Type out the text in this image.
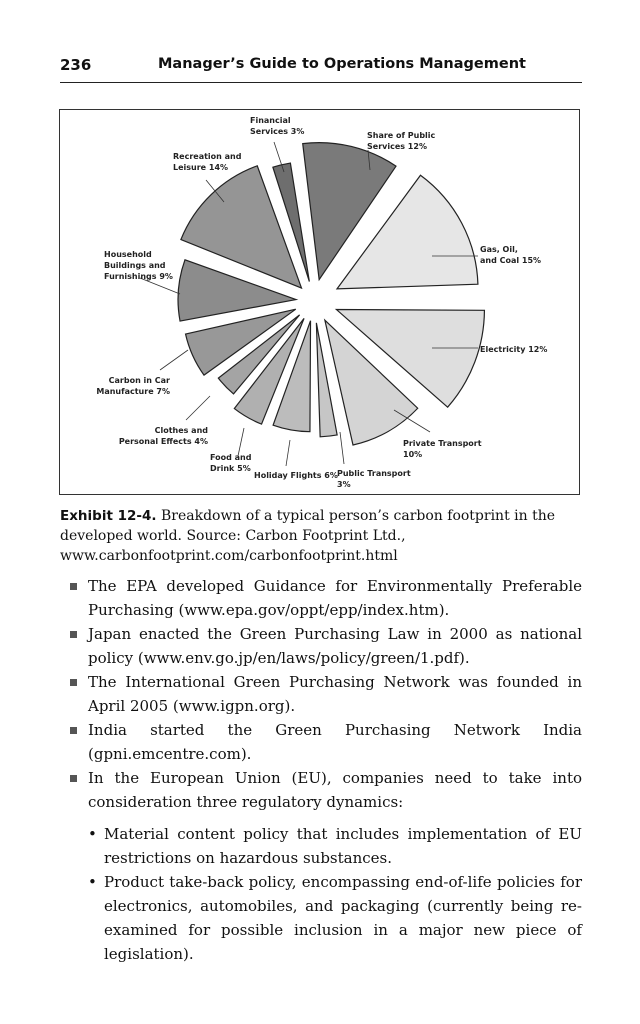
236	Manager’s Guide to Operations Management
Share of Public Services 12%
Gas, Oil, and Coal 15%
Electricity 12%
Private Transport 10%
Public Transport 3%
Holiday Flights 6%
Food and Drink 5%
Clothes and Personal Effects 4%
Carbon in Car Manufacture 7%
Household Buildings and Furnishings 9%
Recreation and Leisure 14%
Financial Services 3%
Exhibit 12-4. Breakdown of a typical person’s carbon footprint in the developed world. Source: Carbon Footprint Ltd., www.carbonfootprint.com/carbonfootprint.html
The EPA developed Guidance for Environmentally Preferable Purchasing (www.epa.gov/oppt/epp/index.htm).
Japan enacted the Green Purchasing Law in 2000 as national policy (www.env.go.jp/en/laws/policy/green/1.pdf).
The International Green Purchasing Network was founded in April 2005 (www.igpn.org).
India started the Green Purchasing Network India (gpni.emcentre.com).
In the European Union (EU), companies need to take into consideration three regulatory dynamics:
• Material content policy that includes implementation of EU restrictions on hazardous substances.
• Product take-back policy, encompassing end-of-life policies for electronics, automobiles, and packaging (currently being re-examined for possible inclusion in a major new piece of legislation).
